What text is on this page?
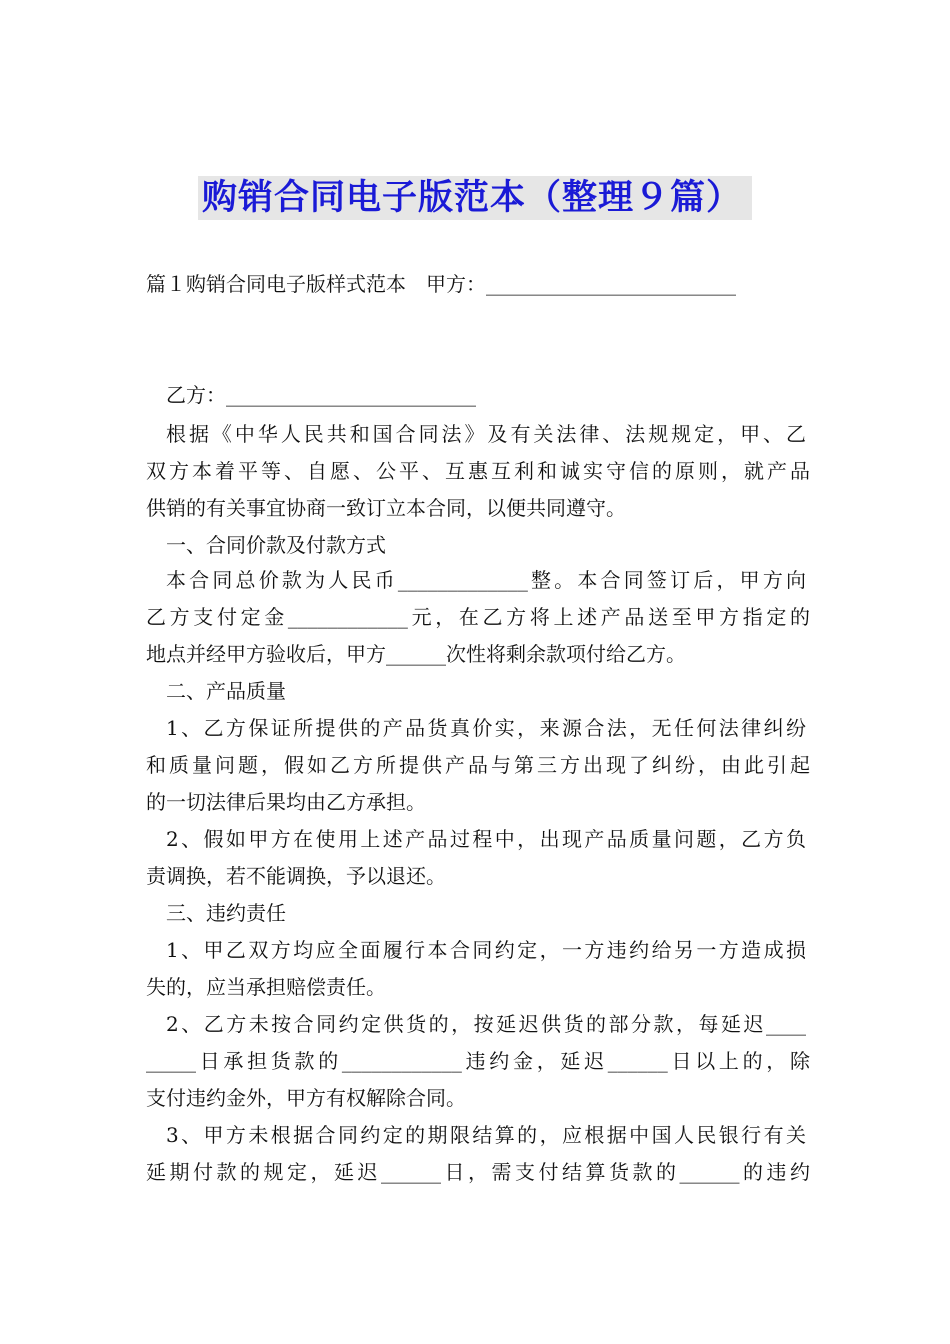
购销合同电子版范本（整理９篇）
篇１购销合同电子版样式范本　甲方：_________________________
乙方：_________________________
根据《中华人民共和国合同法》及有关法律、法规规定，甲、乙
双方本着平等、自愿、公平、互惠互利和诚实守信的原则，就产品
供销的有关事宜协商一致订立本合同，以便共同遵守。
一、合同价款及付款方式
本合同总价款为人民币_____________整。本合同签订后，甲方向
乙方支付定金____________元，在乙方将上述产品送至甲方指定的
地点并经甲方验收后，甲方______次性将剩余款项付给乙方。
二、产品质量
1、乙方保证所提供的产品货真价实，来源合法，无任何法律纠纷
和质量问题，假如乙方所提供产品与第三方出现了纠纷，由此引起
的一切法律后果均由乙方承担。
2、假如甲方在使用上述产品过程中，出现产品质量问题，乙方负
责调换，若不能调换，予以退还。
三、违约责任
1、甲乙双方均应全面履行本合同约定，一方违约给另一方造成损
失的，应当承担赔偿责任。
2、乙方未按合同约定供货的，按延迟供货的部分款，每延迟____
_____日承担货款的____________违约金，延迟______日以上的，除
支付违约金外，甲方有权解除合同。
3、甲方未根据合同约定的期限结算的，应根据中国人民银行有关
延期付款的规定，延迟______日，需支付结算货款的______的违约
